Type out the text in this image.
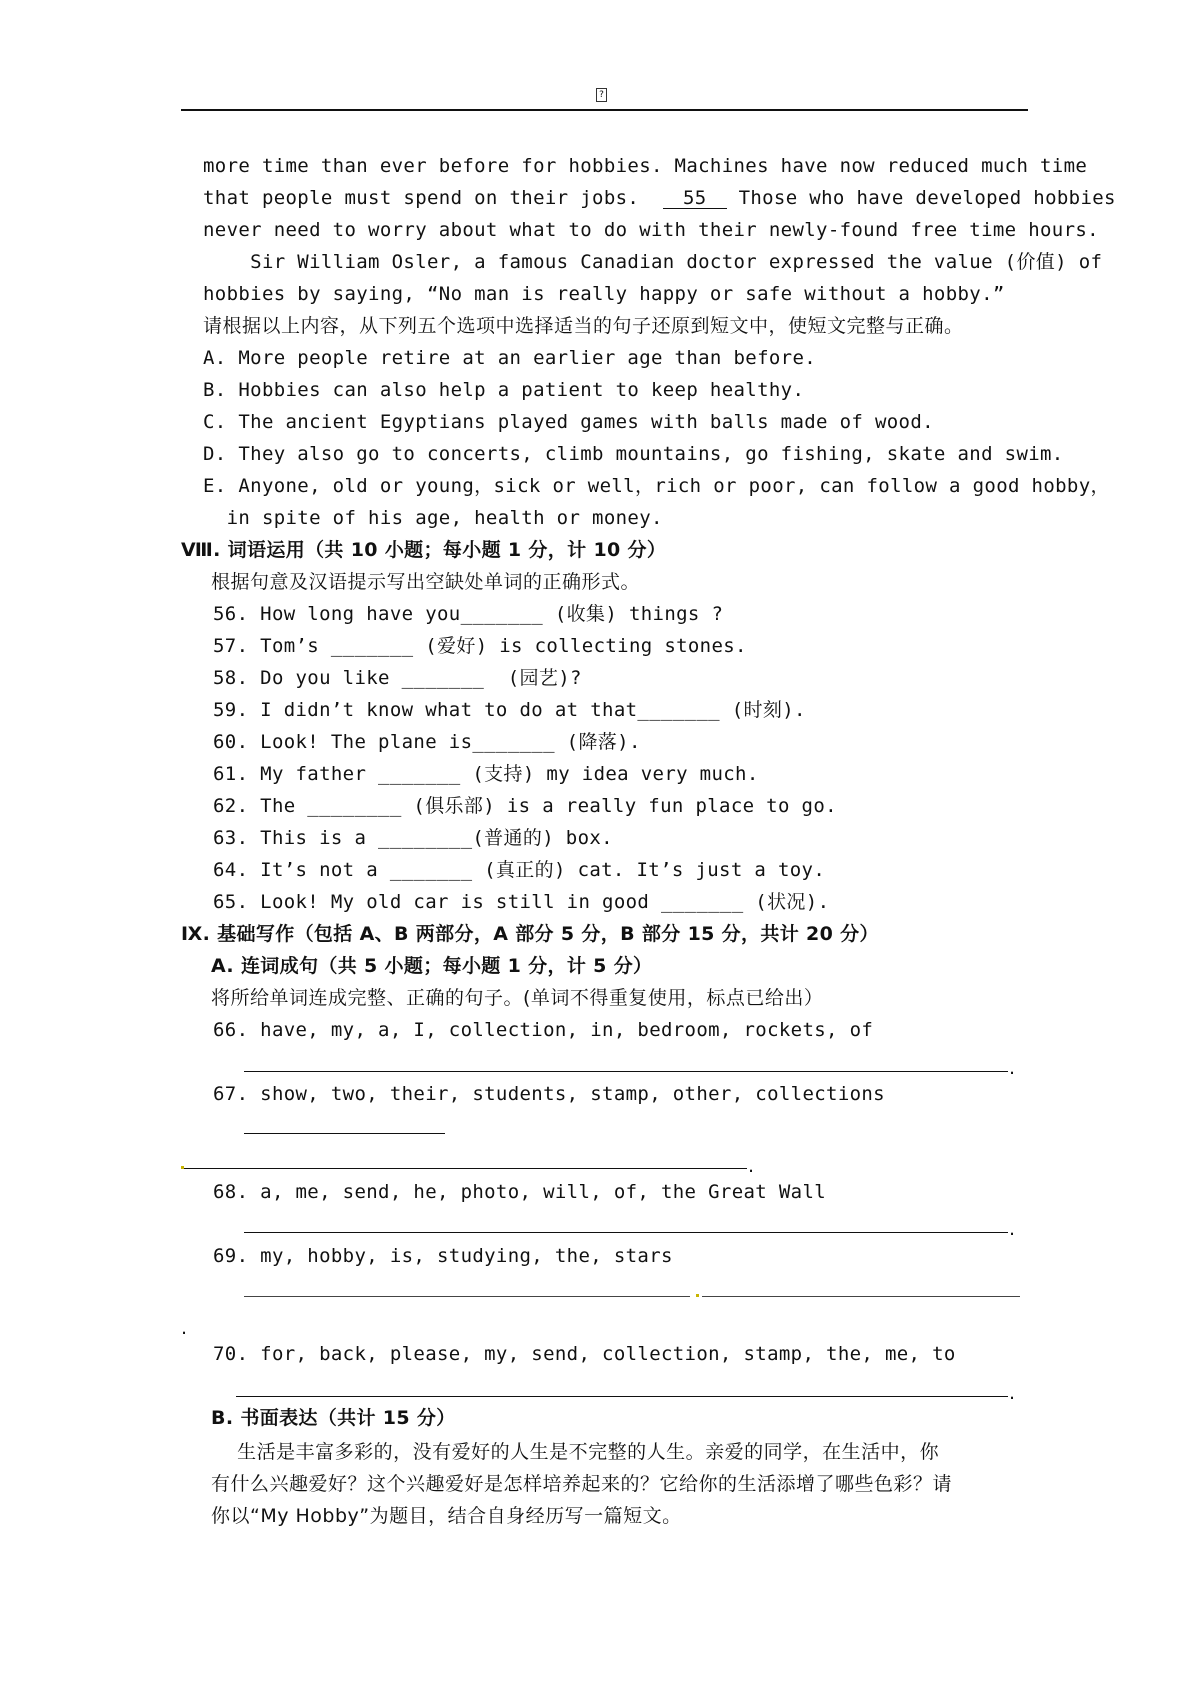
?
more time than ever before for hobbies. Machines have now reduced much time
that people must spend on their jobs. 55 Those who have developed hobbies
never need to worry about what to do with their newly-found free time hours.
Sir William Osler, a famous Canadian doctor expressed the value (价值) of
hobbies by saying, “No man is really happy or safe without a hobby.”
请根据以上内容，从下列五个选项中选择适当的句子还原到短文中，使短文完整与正确。
A. More people retire at an earlier age than before.
B. Hobbies can also help a patient to keep healthy.
C. The ancient Egyptians played games with balls made of wood.
D. They also go to concerts, climb mountains, go fishing, skate and swim.
E. Anyone, old or young，sick or well，rich or poor, can follow a good hobby，
in spite of his age, health or money.
Ⅷ. 词语运用（共 10 小题；每小题 1 分，计 10 分）
根据句意及汉语提示写出空缺处单词的正确形式。
56. How long have you_______ (收集) things ?
57. Tom’s _______ (爱好) is collecting stones.
58. Do you like _______  (园艺)?
59. I didn’t know what to do at that_______ (时刻).
60. Look! The plane is_______ (降落).
61. My father _______ (支持) my idea very much.
62. The ________ (俱乐部) is a really fun place to go.
63. This is a ________(普通的) box.
64. It’s not a _______ (真正的) cat. It’s just a toy.
65. Look! My old car is still in good _______ (状况).
Ⅸ. 基础写作（包括 A、B 两部分，A 部分 5 分，B 部分 15 分，共计 20 分）
A. 连词成句（共 5 小题；每小题 1 分，计 5 分）
将所给单词连成完整、正确的句子。(单词不得重复使用，标点已给出）
66. have, my, a, I, collection, in, bedroom, rockets, of
.
67. show, two, their, students, stamp, other, collections
.
68. a, me, send, he, photo, will, of, the Great Wall
.
69. my, hobby, is, studying, the, stars
.
70. for, back, please, my, send, collection, stamp, the, me, to
.
B. 书面表达（共计 15 分）
生活是丰富多彩的，没有爱好的人生是不完整的人生。亲爱的同学，在生活中，你
有什么兴趣爱好？这个兴趣爱好是怎样培养起来的？它给你的生活添增了哪些色彩？请
你以“My Hobby”为题目，结合自身经历写一篇短文。
